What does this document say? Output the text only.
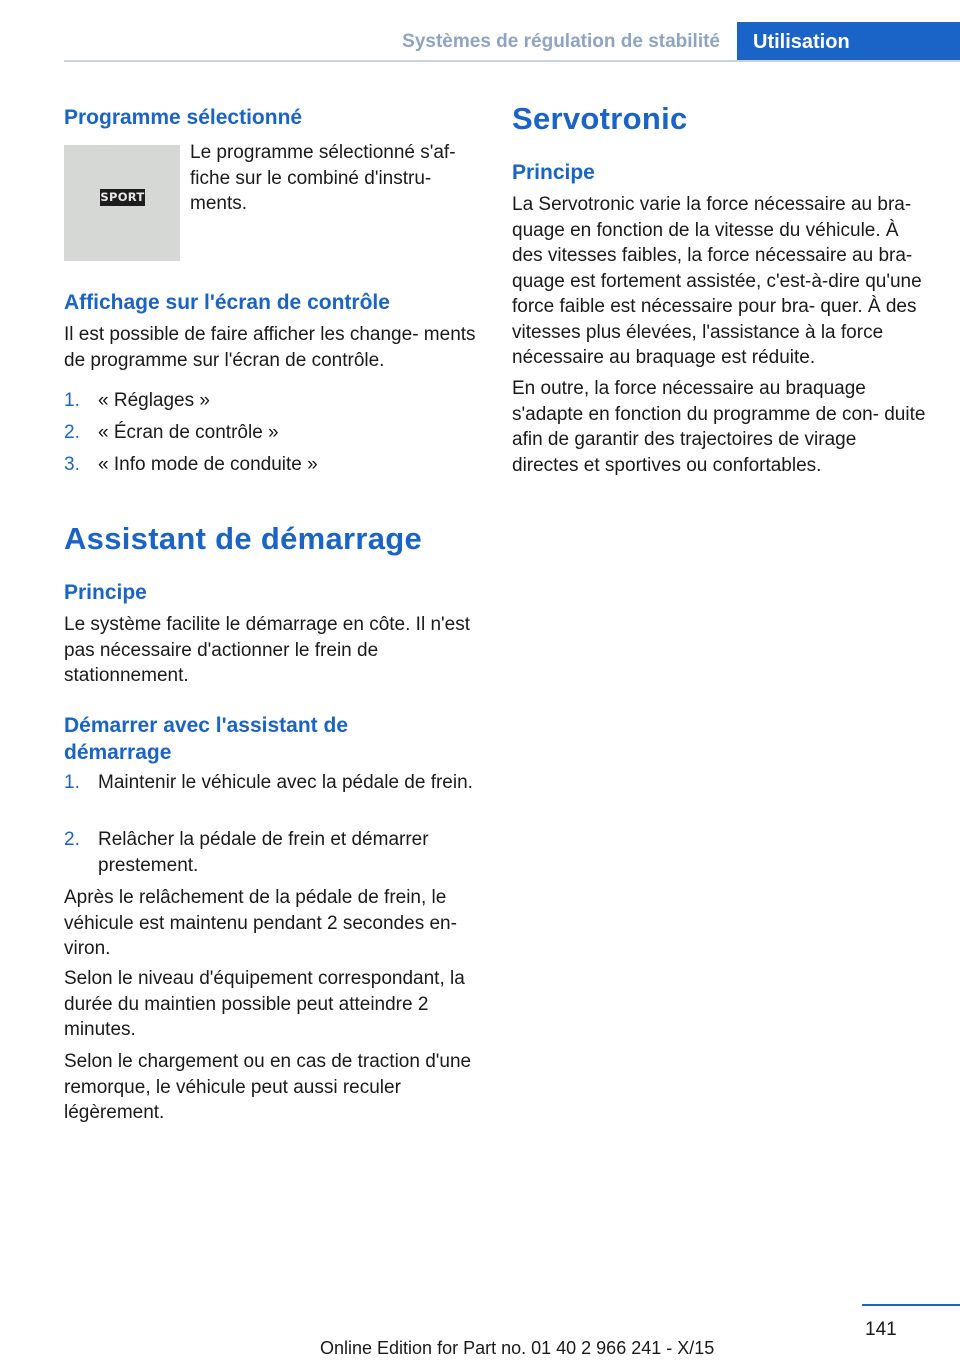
Systèmes de régulation de stabilité	Utilisation
Programme sélectionné
SPORT
Le programme sélectionné s'af‐ fiche sur le combiné d'instru‐ ments.
Affichage sur l'écran de contrôle
Il est possible de faire afficher les change‐ ments de programme sur l'écran de contrôle.
1. « Réglages »
2. « Écran de contrôle »
3. « Info mode de conduite »
Assistant de démarrage
Principe
Le système facilite le démarrage en côte. Il n'est pas nécessaire d'actionner le frein de stationnement.
Démarrer avec l'assistant de démarrage
1. Maintenir le véhicule avec la pédale de frein.
2. Relâcher la pédale de frein et démarrer prestement.
Après le relâchement de la pédale de frein, le véhicule est maintenu pendant 2 secondes en‐ viron.
Selon le niveau d'équipement correspondant, la durée du maintien possible peut atteindre 2 minutes.
Selon le chargement ou en cas de traction d'une remorque, le véhicule peut aussi reculer légèrement.
Servotronic
Principe
La Servotronic varie la force nécessaire au bra‐ quage en fonction de la vitesse du véhicule. À des vitesses faibles, la force nécessaire au bra‐ quage est fortement assistée, c'est-à-dire qu'une force faible est nécessaire pour bra‐ quer. À des vitesses plus élevées, l'assistance à la force nécessaire au braquage est réduite.
En outre, la force nécessaire au braquage s'adapte en fonction du programme de con‐ duite afin de garantir des trajectoires de virage directes et sportives ou confortables.
141
Online Edition for Part no. 01 40 2 966 241 - X/15
